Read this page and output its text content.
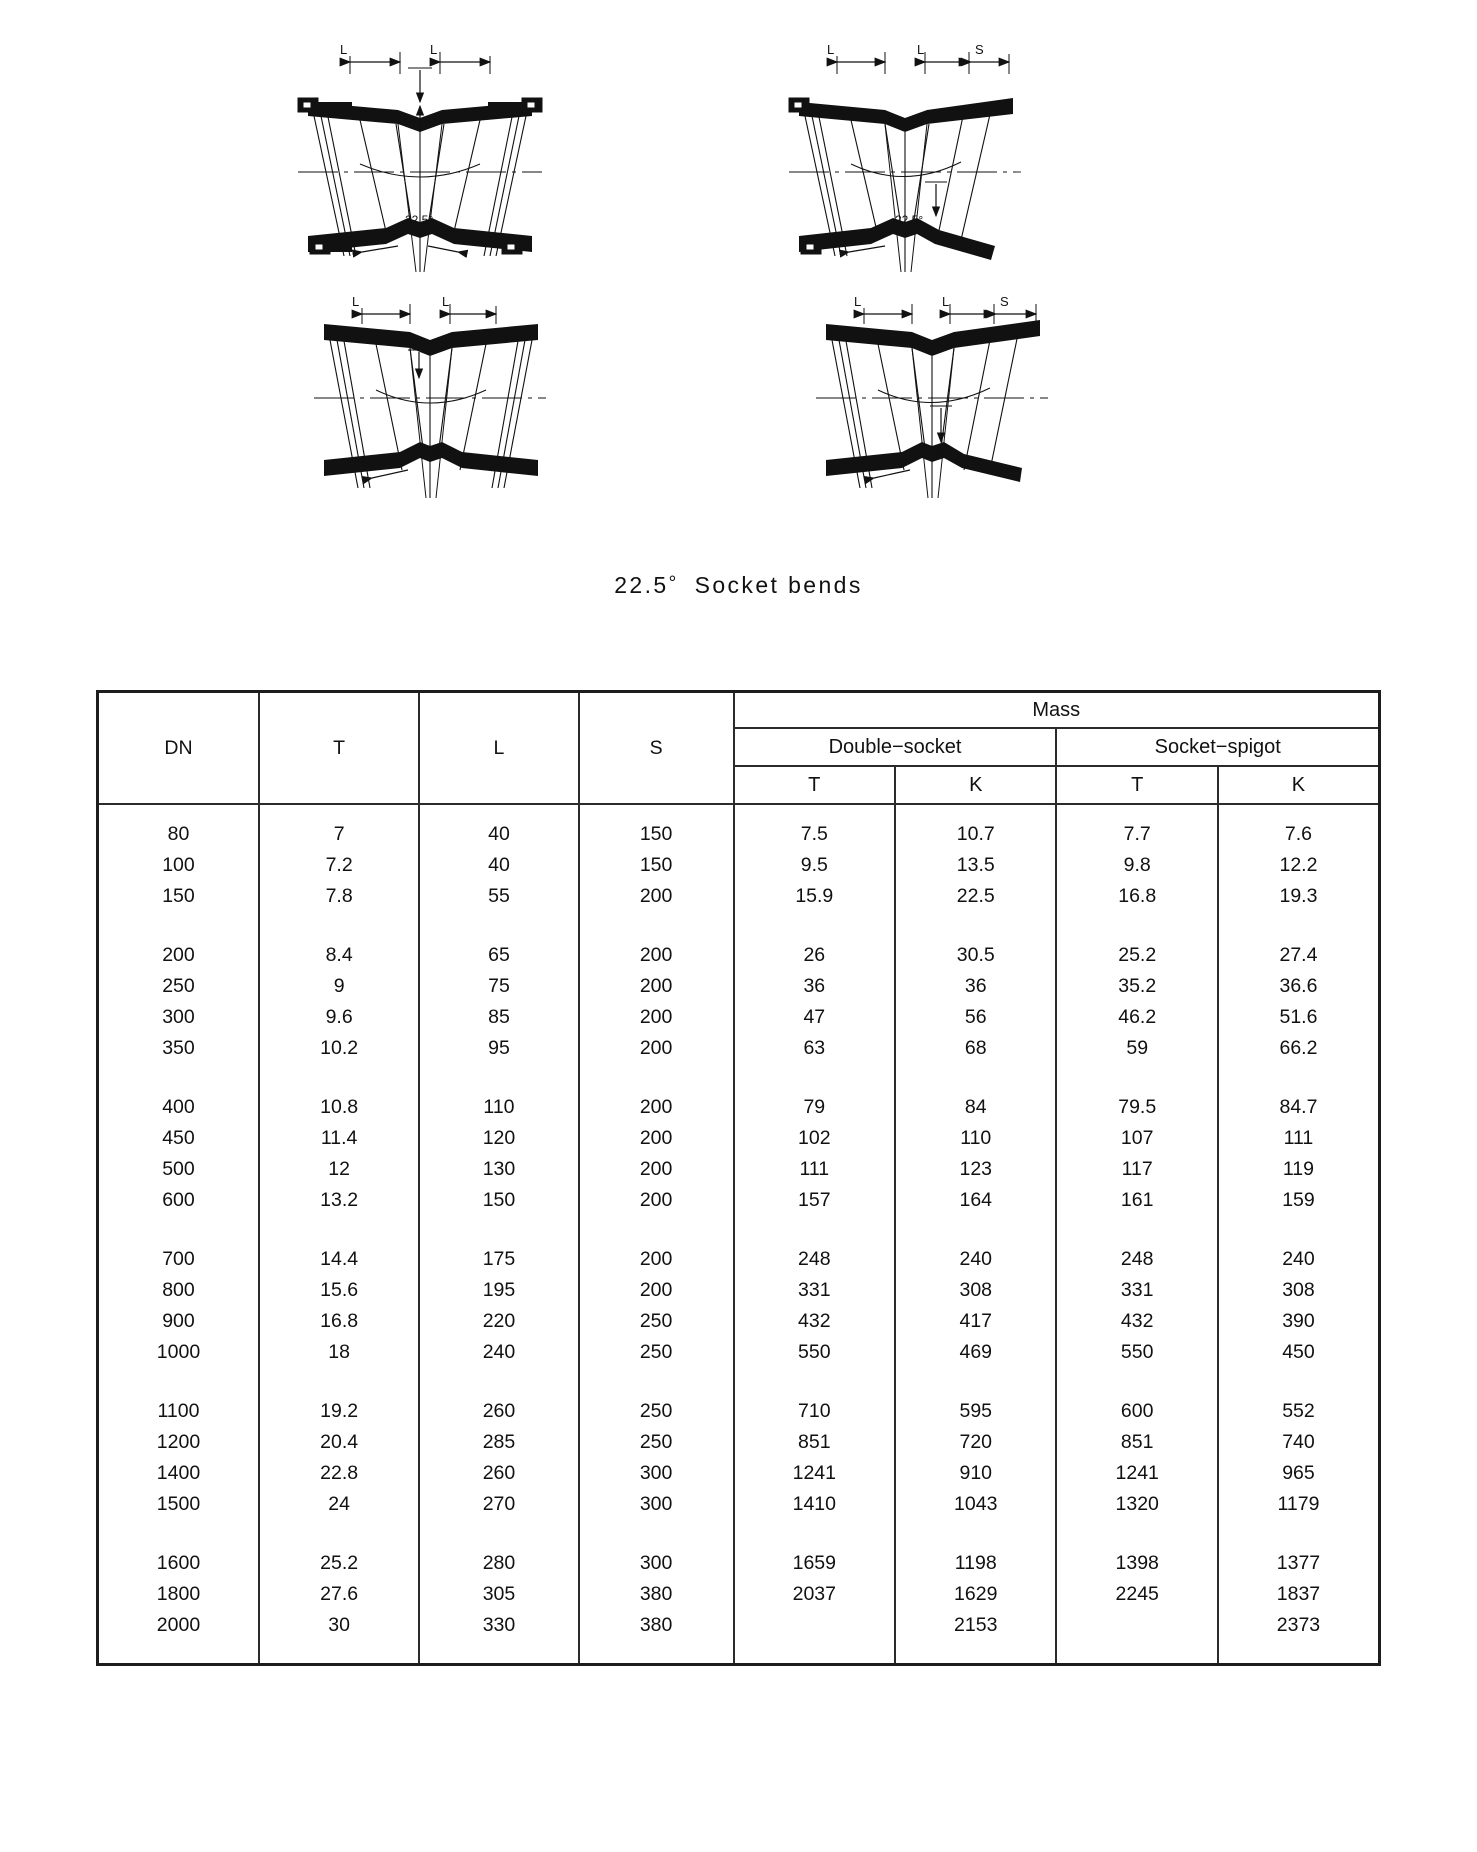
L	L
22.5°
L	L	S
22.5°
L	L
22.5°
L	L	S
22.5°
22.5° Socket bends
DN	T	L	S	Mass			
				Double−socket		Socket−spigot	
				T	K	T	K

80	7	40	150	7.5	10.7	7.7	7.6
100	7.2	40	150	9.5	13.5	9.8	12.2
150	7.8	55	200	15.9	22.5	16.8	19.3

200	8.4	65	200	26	30.5	25.2	27.4
250	9	75	200	36	36	35.2	36.6
300	9.6	85	200	47	56	46.2	51.6
350	10.2	95	200	63	68	59	66.2

400	10.8	110	200	79	84	79.5	84.7
450	11.4	120	200	102	110	107	111
500	12	130	200	111	123	117	119
600	13.2	150	200	157	164	161	159

700	14.4	175	200	248	240	248	240
800	15.6	195	200	331	308	331	308
900	16.8	220	250	432	417	432	390
1000	18	240	250	550	469	550	450

1100	19.2	260	250	710	595	600	552
1200	20.4	285	250	851	720	851	740
1400	22.8	260	300	1241	910	1241	965
1500	24	270	300	1410	1043	1320	1179

1600	25.2	280	300	1659	1198	1398	1377
1800	27.6	305	380	2037	1629	2245	1837
2000	30	330	380		2153		2373
